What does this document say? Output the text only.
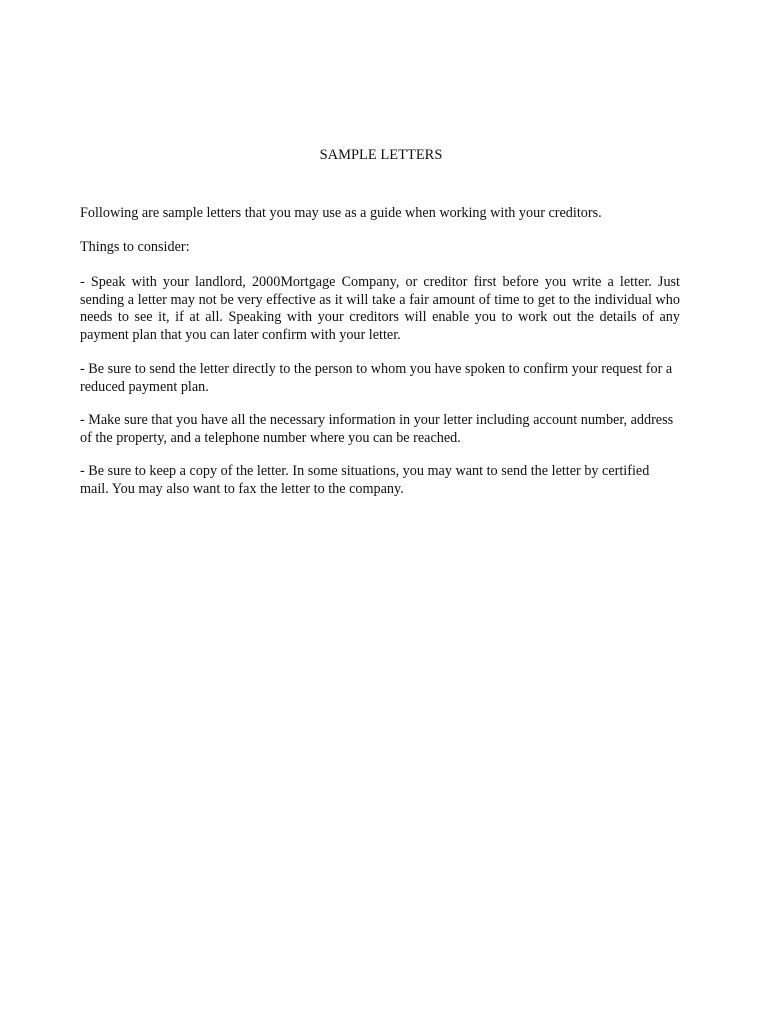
SAMPLE LETTERS

Following are sample letters that you may use as a guide when working with your creditors.

Things to consider:

- Speak with your landlord, 2000Mortgage Company, or creditor first before you write a letter. Just sending a letter may not be very effective as it will take a fair amount of time to get to the individual who needs to see it, if at all. Speaking with your creditors will enable you to work out the details of any payment plan that you can later confirm with your letter.

- Be sure to send the letter directly to the person to whom you have spoken to confirm your request for a reduced payment plan.

- Make sure that you have all the necessary information in your letter including account number, address of the property, and a telephone number where you can be reached.

- Be sure to keep a copy of the letter. In some situations, you may want to send the letter by certified mail. You may also want to fax the letter to the company.
